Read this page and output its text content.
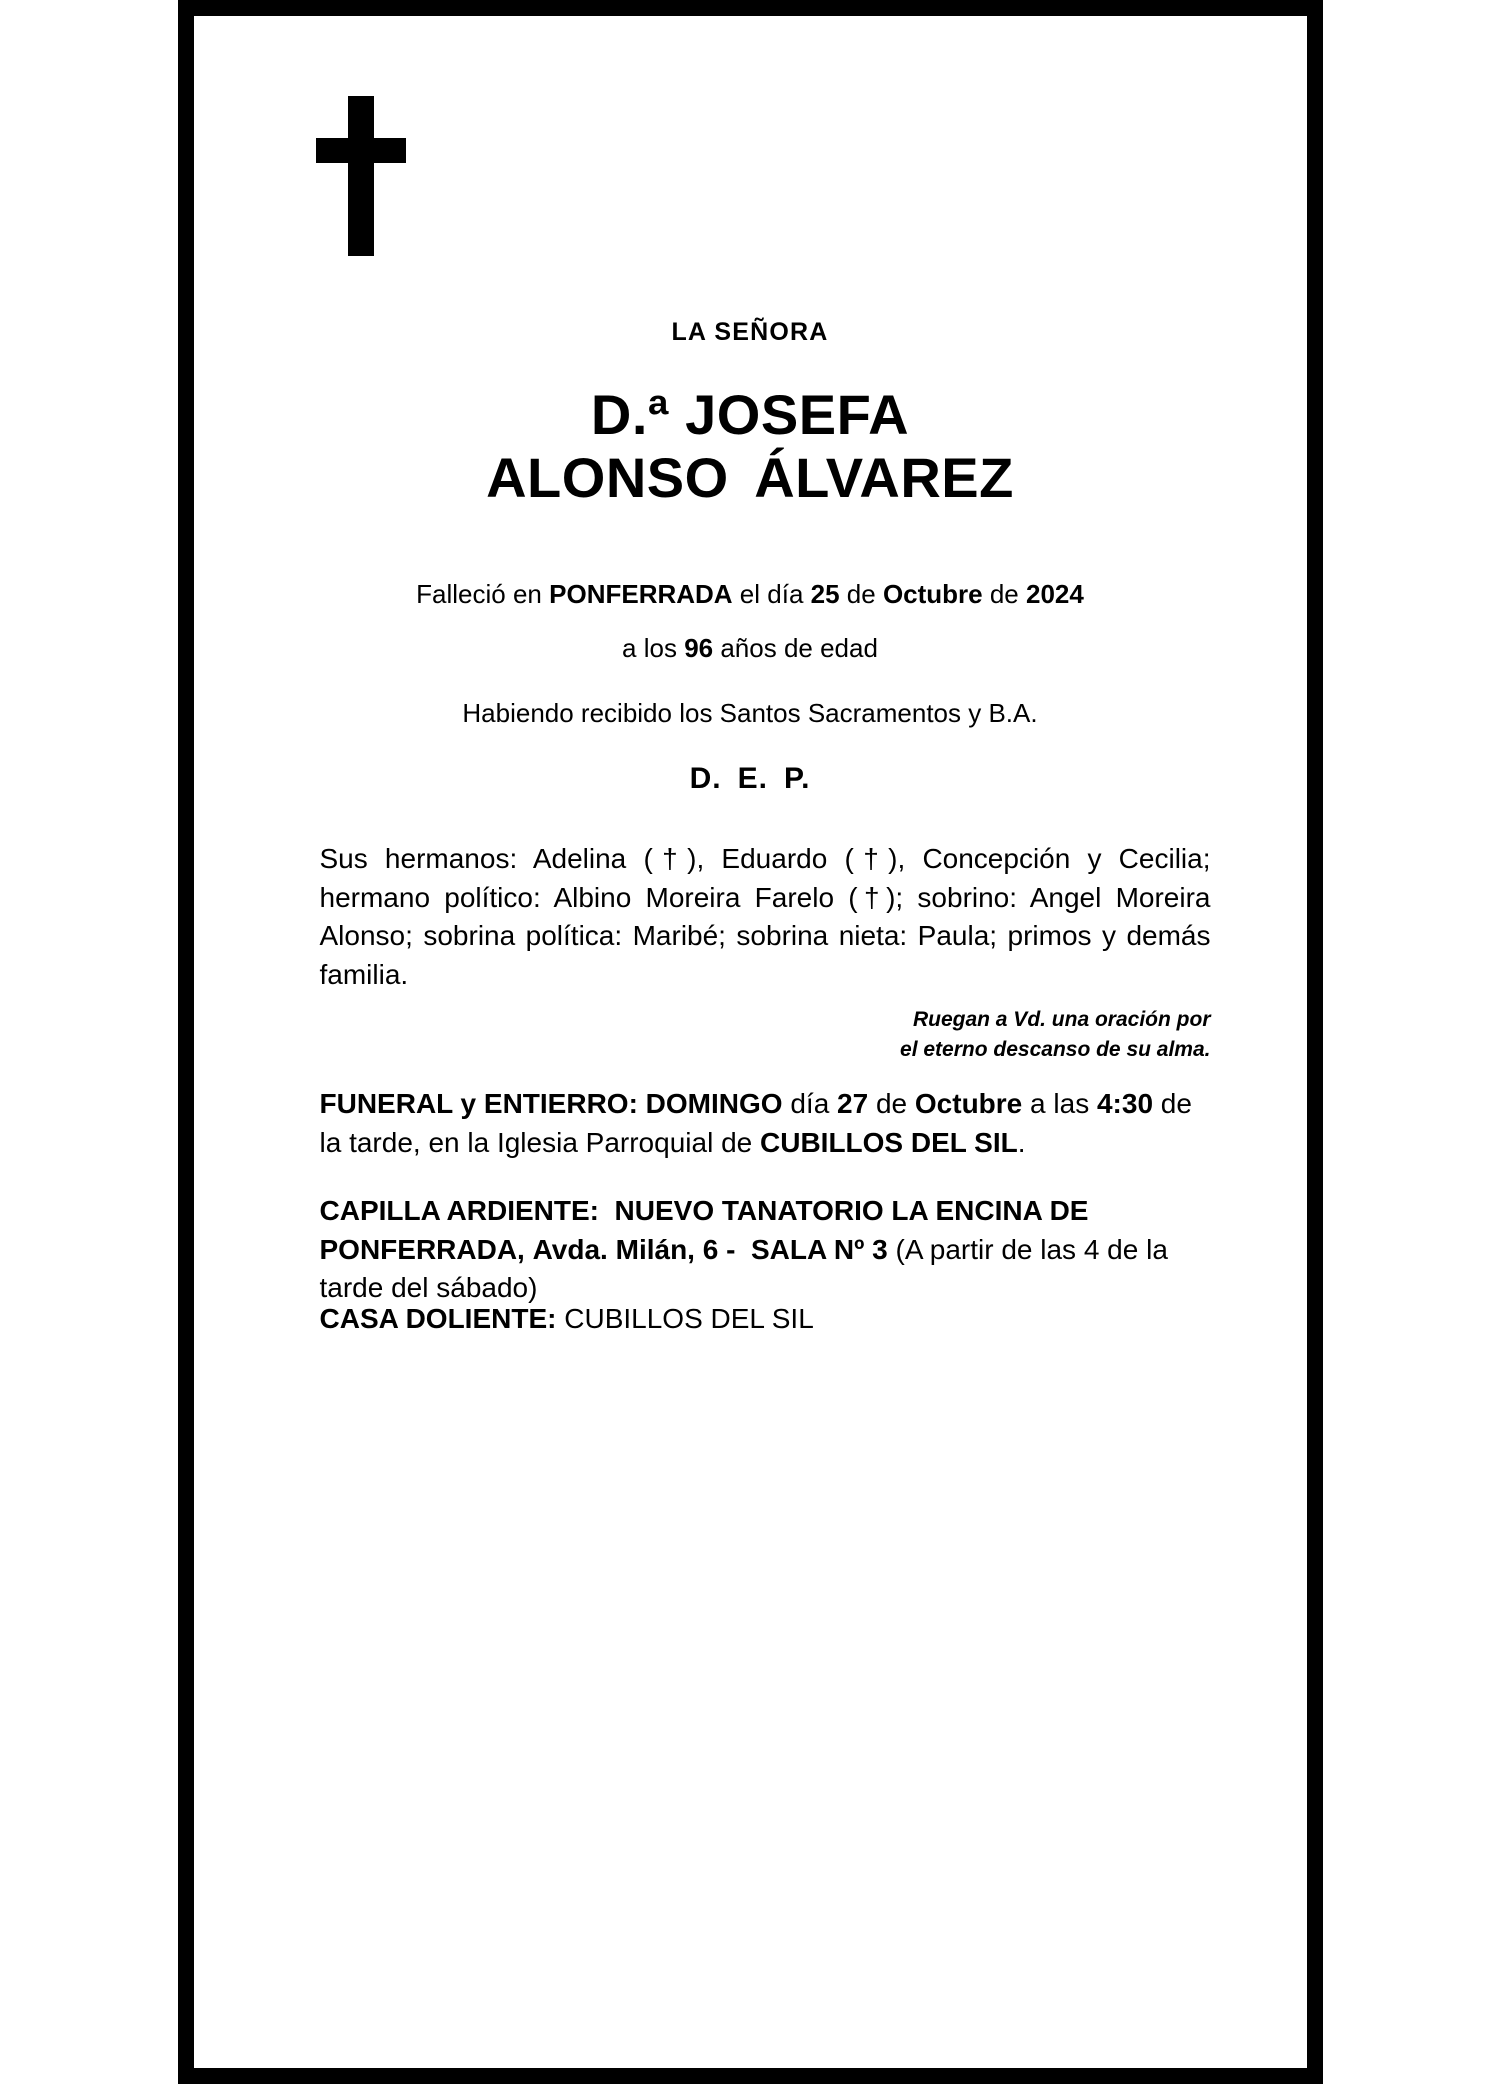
LA SEÑORA
D.ª JOSEFA
ALONSO ÁLVAREZ
Falleció en PONFERRADA el día 25 de Octubre de 2024
a los 96 años de edad
Habiendo recibido los Santos Sacramentos y B.A.
D. E. P.
Sus hermanos: Adelina (†), Eduardo (†), Concepción y Cecilia; hermano político: Albino Moreira Farelo (†); sobrino: Angel Moreira Alonso; sobrina política: Maribé; sobrina nieta: Paula; primos y demás familia.
Ruegan a Vd. una oración por
el eterno descanso de su alma.
FUNERAL y ENTIERRO: DOMINGO día 27 de Octubre a las 4:30 de la tarde, en la Iglesia Parroquial de CUBILLOS DEL SIL.
CAPILLA ARDIENTE: NUEVO TANATORIO LA ENCINA DE PONFERRADA, Avda. Milán, 6 - SALA Nº 3 (A partir de las 4 de la tarde del sábado)
CASA DOLIENTE: CUBILLOS DEL SIL
